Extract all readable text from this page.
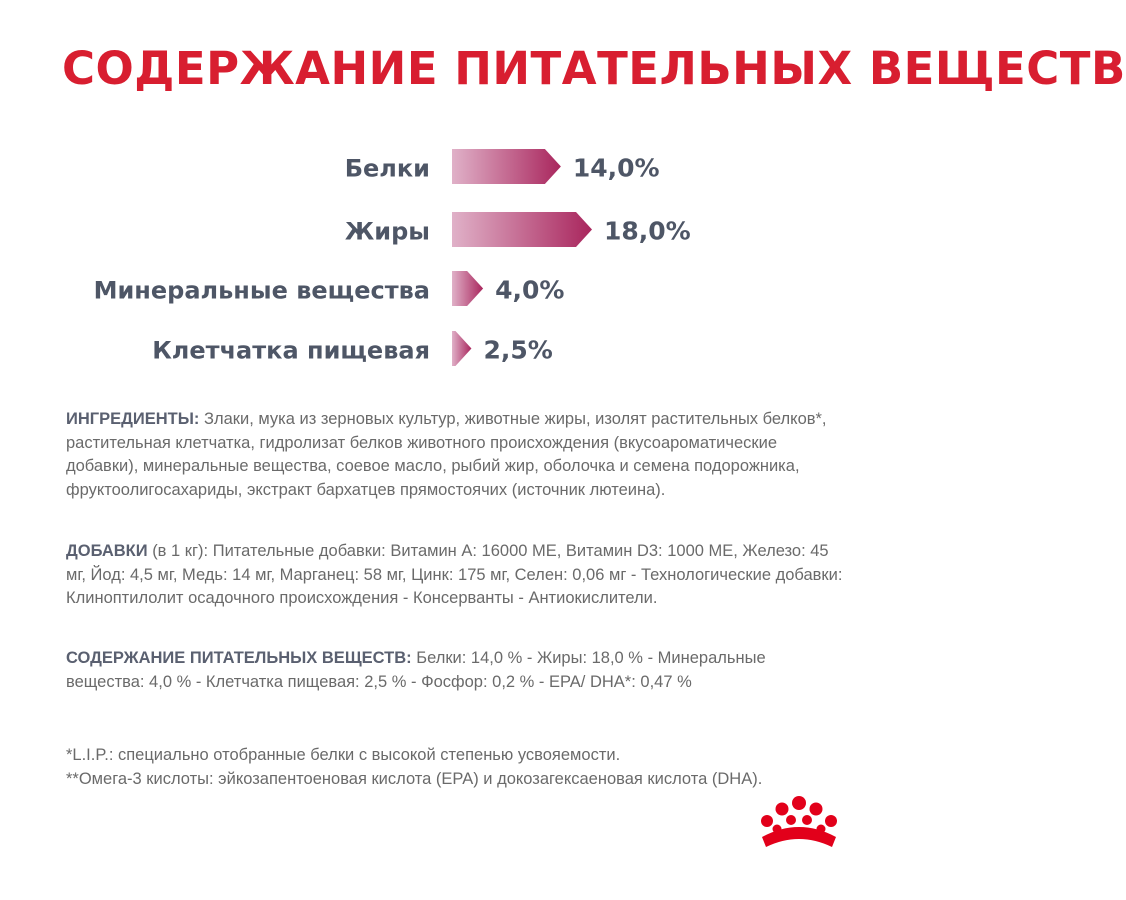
СОДЕРЖАНИЕ ПИТАТЕЛЬНЫХ ВЕЩЕСТВ
Белки	14,0%
Жиры	18,0%
Минеральные вещества	4,0%
Клетчатка пищевая 2,5%
ИНГРЕДИЕНТЫ: Злаки, мука из зерновых культур, животные жиры, изолят растительных белков*, растительная клетчатка, гидролизат белков животного происхождения (вкусоароматические добавки), минеральные вещества, соевое масло, рыбий жир, оболочка и семена подорожника, фруктоолигосахариды, экстракт бархатцев прямостоячих (источник лютеина).
ДОБАВКИ (в 1 кг): Питательные добавки: Витамин A: 16000 МЕ, Витамин D3: 1000 МЕ, Железо: 45 мг, Йод: 4,5 мг, Медь: 14 мг, Марганец: 58 мг, Цинк: 175 мг, Селен: 0,06 мг - Технологические добавки: Клиноптилолит осадочного происхождения - Консерванты - Антиокислители.
СОДЕРЖАНИЕ ПИТАТЕЛЬНЫХ ВЕЩЕСТВ: Белки: 14,0 % - Жиры: 18,0 % - Минеральные вещества: 4,0 % - Клетчатка пищевая: 2,5 % - Фосфор: 0,2 % - EPA/ DHA*: 0,47 %
*L.I.P.: специально отобранные белки с высокой степенью усвояемости.
**Омега-3 кислоты: эйкозапентоеновая кислота (EPA) и докозагексаеновая кислота (DHA).
